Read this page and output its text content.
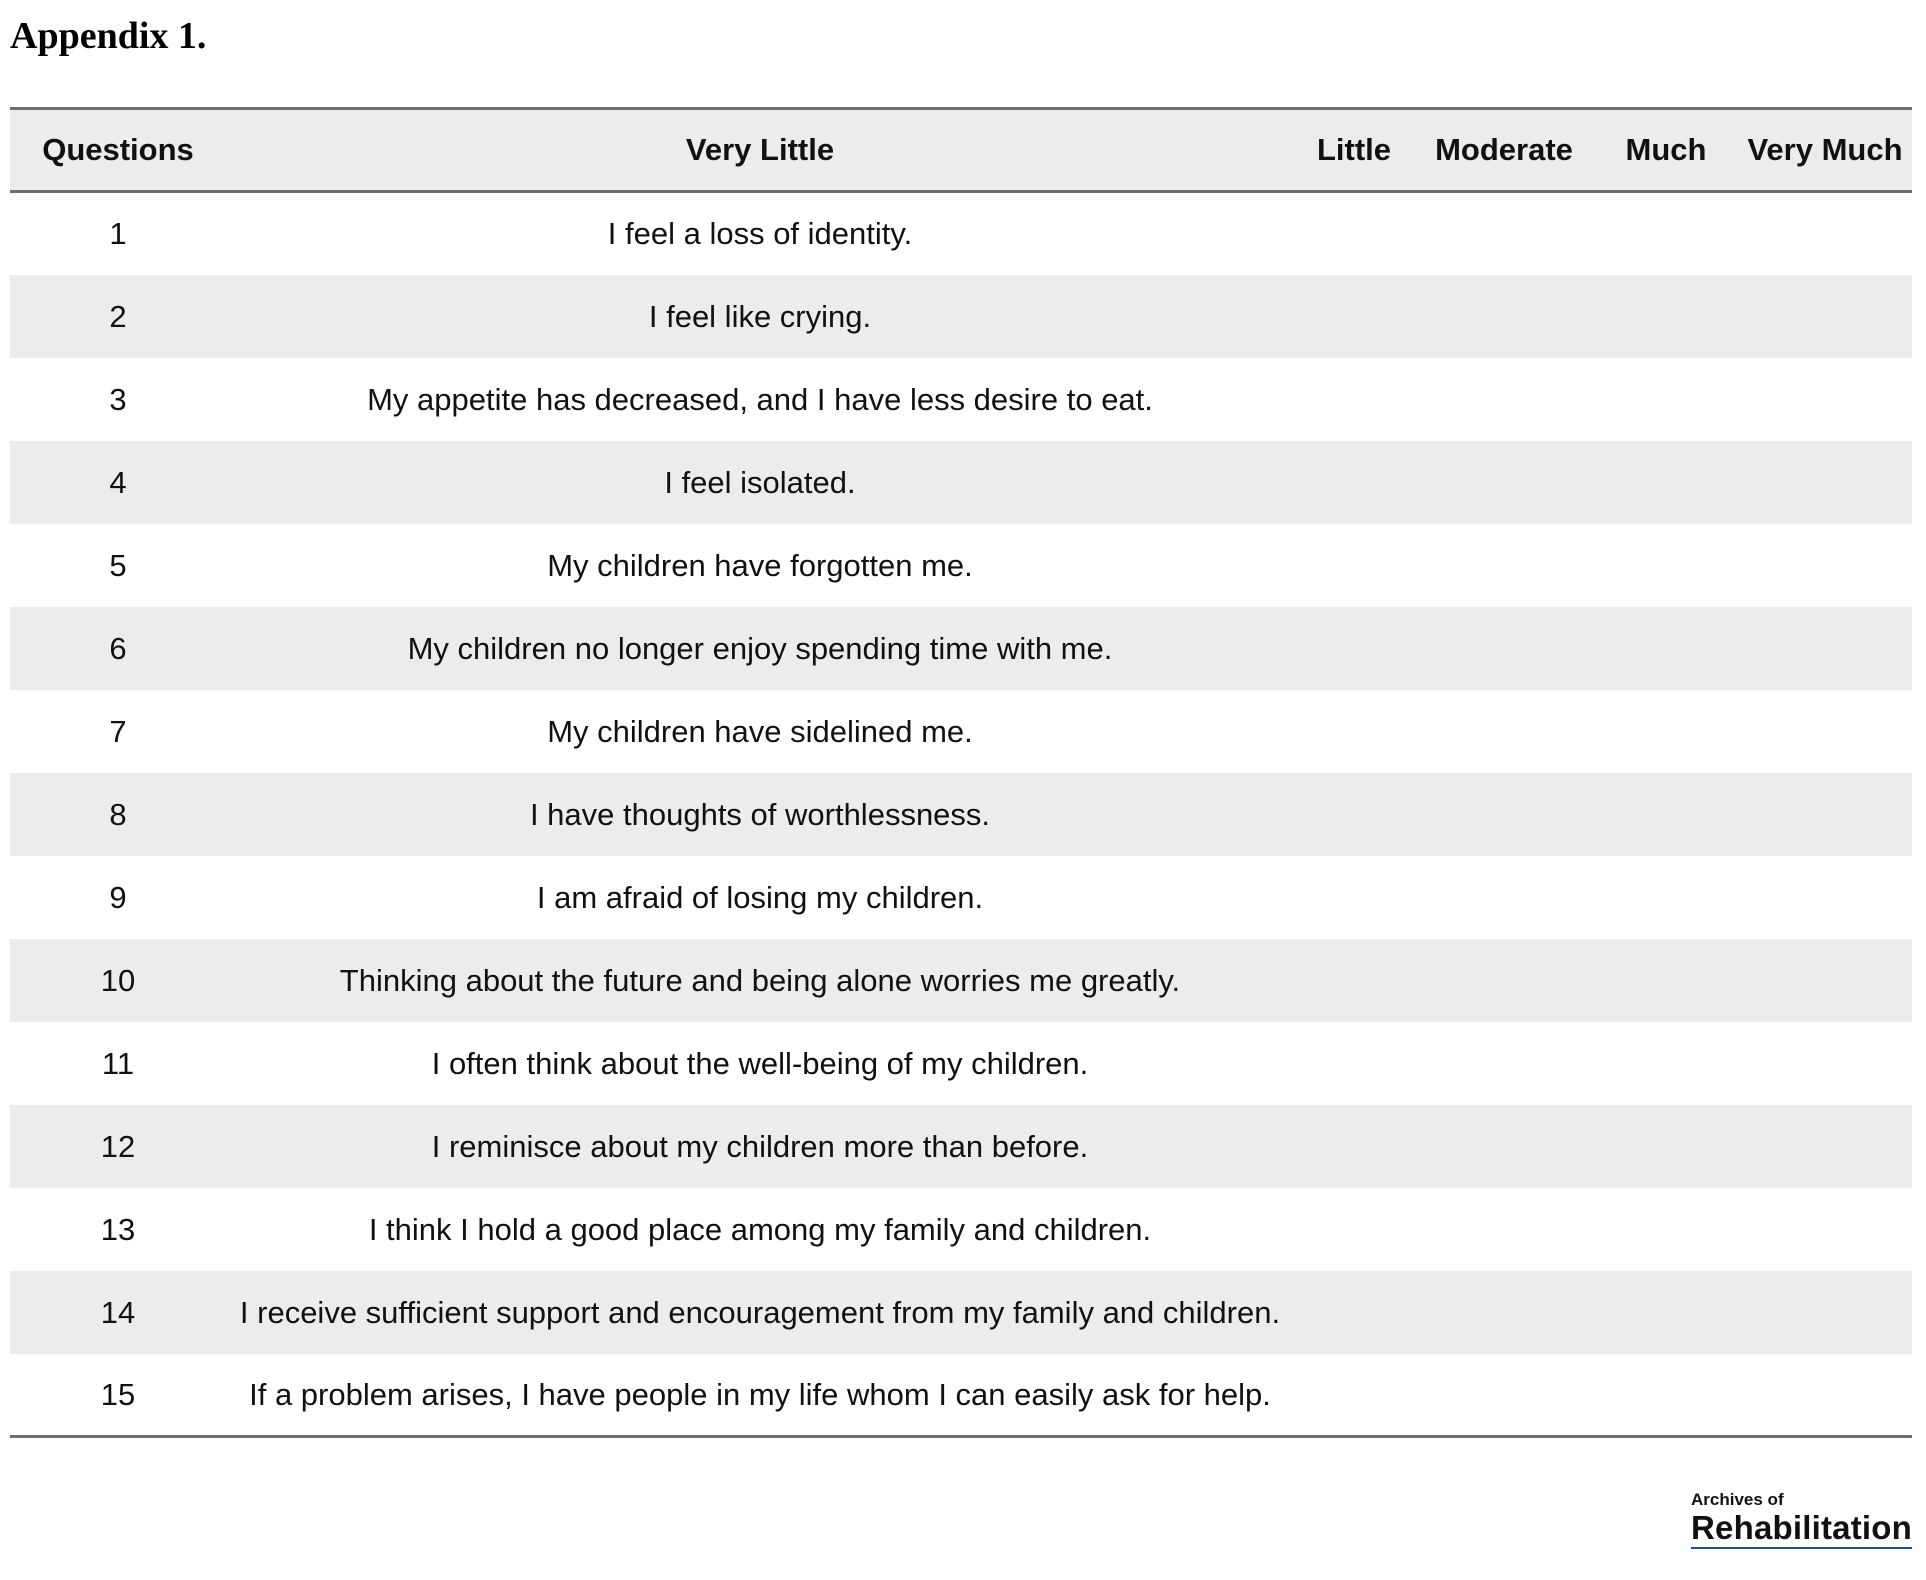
Appendix 1.
Questions	Very Little	Little	Moderate	Much	Very Much
1	I feel a loss of identity.				
2	I feel like crying.				
3	My appetite has decreased, and I have less desire to eat.				
4	I feel isolated.				
5	My children have forgotten me.				
6	My children no longer enjoy spending time with me.				
7	My children have sidelined me.				
8	I have thoughts of worthlessness.				
9	I am afraid of losing my children.				
10	Thinking about the future and being alone worries me greatly.				
11	I often think about the well-being of my children.				
12	I reminisce about my children more than before.				
13	I think I hold a good place among my family and children.				
14	I receive sufficient support and encouragement from my family and children.				
15	If a problem arises, I have people in my life whom I can easily ask for help.				
Archives of
Rehabilitation
